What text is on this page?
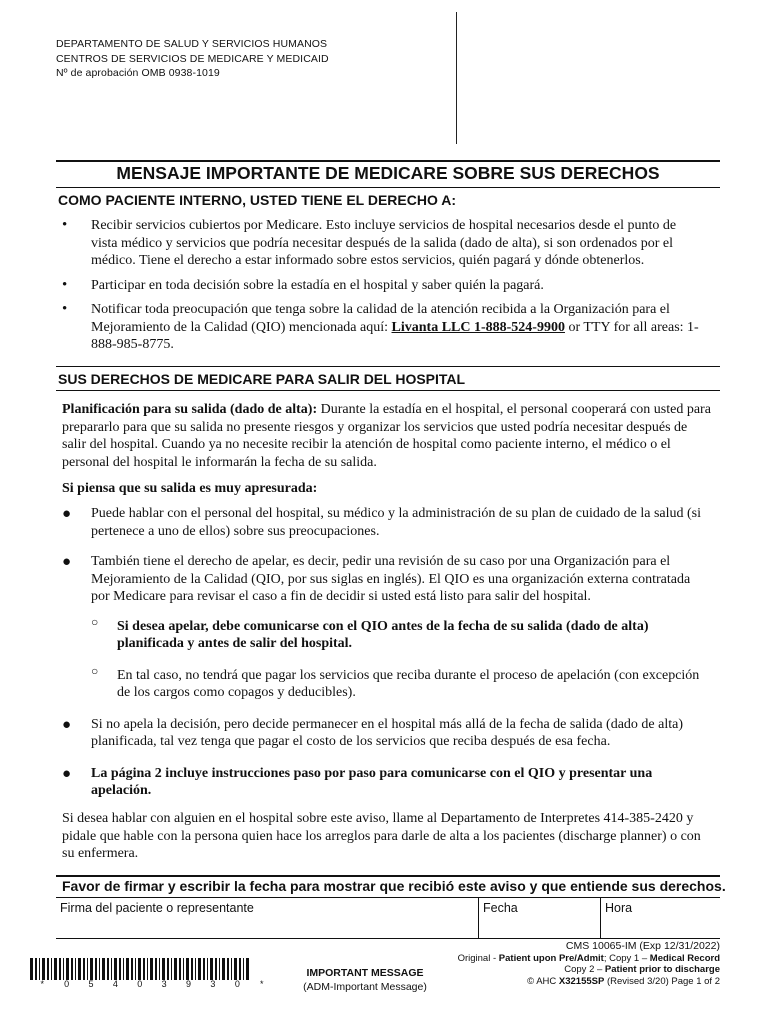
DEPARTAMENTO DE SALUD Y SERVICIOS HUMANOS
CENTROS DE SERVICIOS DE MEDICARE Y MEDICAID
Nº de aprobación OMB 0938-1019
MENSAJE IMPORTANTE DE MEDICARE SOBRE SUS DERECHOS
COMO PACIENTE INTERNO, USTED TIENE EL DERECHO A:
• Recibir servicios cubiertos por Medicare. Esto incluye servicios de hospital necesarios desde el punto de vista médico y servicios que podría necesitar después de la salida (dado de alta), si son ordenados por el médico. Tiene el derecho a estar informado sobre estos servicios, quién pagará y dónde obtenerlos.
• Participar en toda decisión sobre la estadía en el hospital y saber quién la pagará.
• Notificar toda preocupación que tenga sobre la calidad de la atención recibida a la Organización para el Mejoramiento de la Calidad (QIO) mencionada aquí: Livanta LLC 1-888-524-9900 or TTY for all areas: 1-888-985-8775.
SUS DERECHOS DE MEDICARE PARA SALIR DEL HOSPITAL
Planificación para su salida (dado de alta): Durante la estadía en el hospital, el personal cooperará con usted para prepararlo para que su salida no presente riesgos y organizar los servicios que usted podría necesitar después de salir del hospital. Cuando ya no necesite recibir la atención de hospital como paciente interno, el médico o el personal del hospital le informarán la fecha de su salida.
Si piensa que su salida es muy apresurada:
● Puede hablar con el personal del hospital, su médico y la administración de su plan de cuidado de la salud (si pertenece a uno de ellos) sobre sus preocupaciones.
● También tiene el derecho de apelar, es decir, pedir una revisión de su caso por una Organización para el Mejoramiento de la Calidad (QIO, por sus siglas en inglés). El QIO es una organización externa contratada por Medicare para revisar el caso a fin de decidir si usted está listo para salir del hospital.
○ Si desea apelar, debe comunicarse con el QIO antes de la fecha de su salida (dado de alta) planificada y antes de salir del hospital.
○ En tal caso, no tendrá que pagar los servicios que reciba durante el proceso de apelación (con excepción de los cargos como copagos y deducibles).
● Si no apela la decisión, pero decide permanecer en el hospital más allá de la fecha de salida (dado de alta) planificada, tal vez tenga que pagar el costo de los servicios que reciba después de esa fecha.
● La página 2 incluye instrucciones paso por paso para comunicarse con el QIO y presentar una apelación.
Si desea hablar con alguien en el hospital sobre este aviso, llame al Departamento de Interpretes 414-385-2420 y pidale que hable con la persona quien hace los arreglos para darle de alta a los pacientes (discharge planner) o con su enfermera.
Favor de firmar y escribir la fecha para mostrar que recibió este aviso y que entiende sus derechos.
Firma del paciente o representante	Fecha	Hora
* 0 5 4 0 3 9 3 0 *
IMPORTANT MESSAGE
(ADM-Important Message)
CMS 10065-IM (Exp 12/31/2022)
Original - Patient upon Pre/Admit; Copy 1 – Medical Record
Copy 2 – Patient prior to discharge
© AHC X32155SP (Revised 3/20) Page 1 of 2
